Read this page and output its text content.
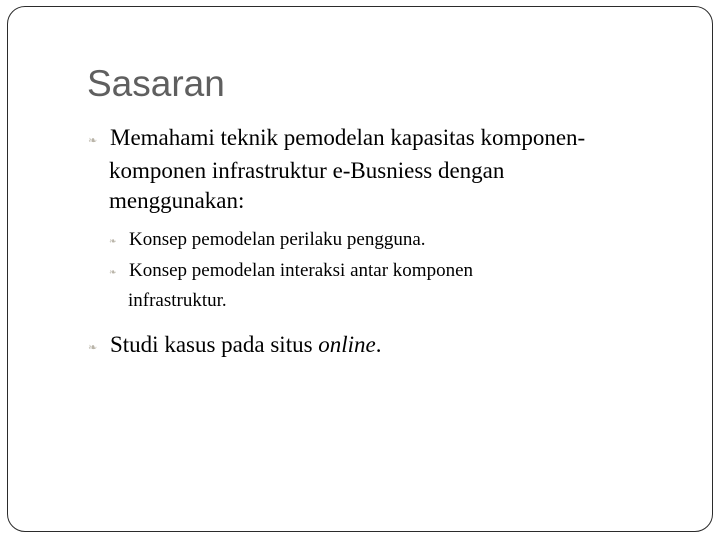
Sasaran
❧ Memahami teknik pemodelan kapasitas komponen-
komponen infrastruktur e-Busniess dengan
menggunakan:
❧ Konsep pemodelan perilaku pengguna.
❧ Konsep pemodelan interaksi antar komponen
infrastruktur.
❧ Studi kasus pada situs online.
